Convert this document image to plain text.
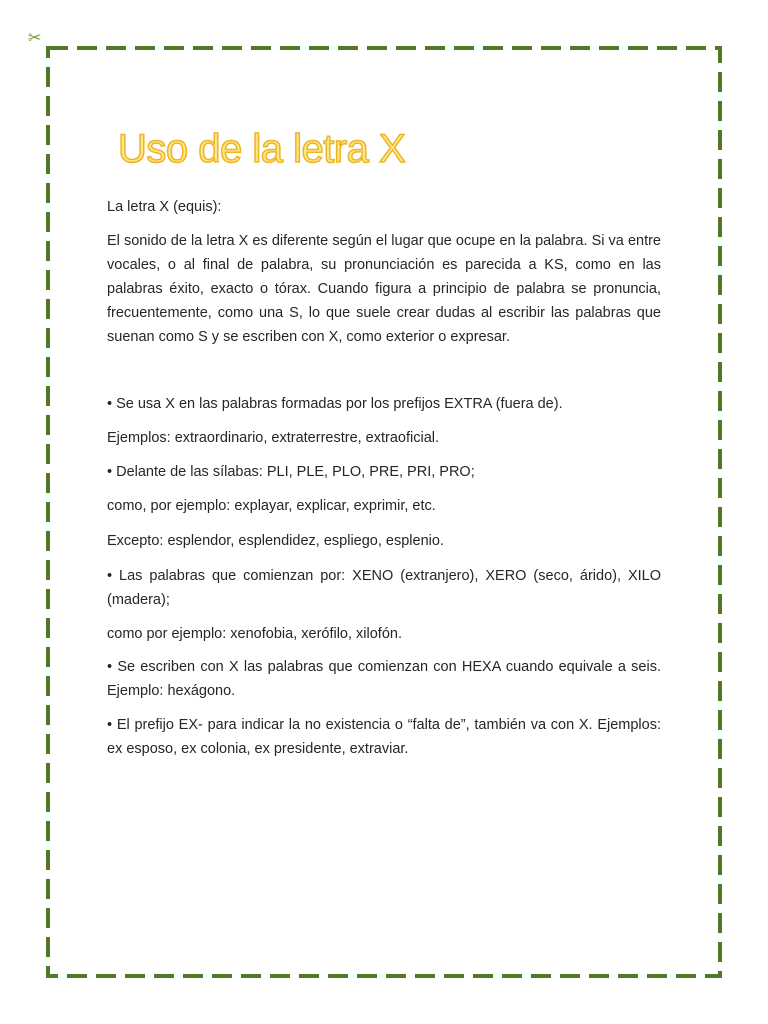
✂
Uso de la letra X

La letra X (equis):

El sonido de la letra X es diferente según el lugar que ocupe en la palabra. Si va entre vocales, o al final de palabra, su pronunciación es parecida a KS, como en las palabras éxito, exacto o tórax. Cuando figura a principio de palabra se pronuncia, frecuentemente, como una S, lo que suele crear dudas al escribir las palabras que suenan como S y se escriben con X, como exterior o expresar.

• Se usa X en las palabras formadas por los prefijos EXTRA (fuera de).

Ejemplos: extraordinario, extraterrestre, extraoficial.

• Delante de las sílabas: PLI, PLE, PLO, PRE, PRI, PRO;

como, por ejemplo: explayar, explicar, exprimir, etc.

Excepto: esplendor, esplendidez, espliego, esplenio.

• Las palabras que comienzan por: XENO (extranjero), XERO (seco, árido), XILO (madera);

como por ejemplo: xenofobia, xerófilo, xilofón.

• Se escriben con X las palabras que comienzan con HEXA cuando equivale a seis. Ejemplo: hexágono.

• El prefijo EX- para indicar la no existencia o “falta de”, también va con X. Ejemplos: ex esposo, ex colonia, ex presidente, extraviar.
